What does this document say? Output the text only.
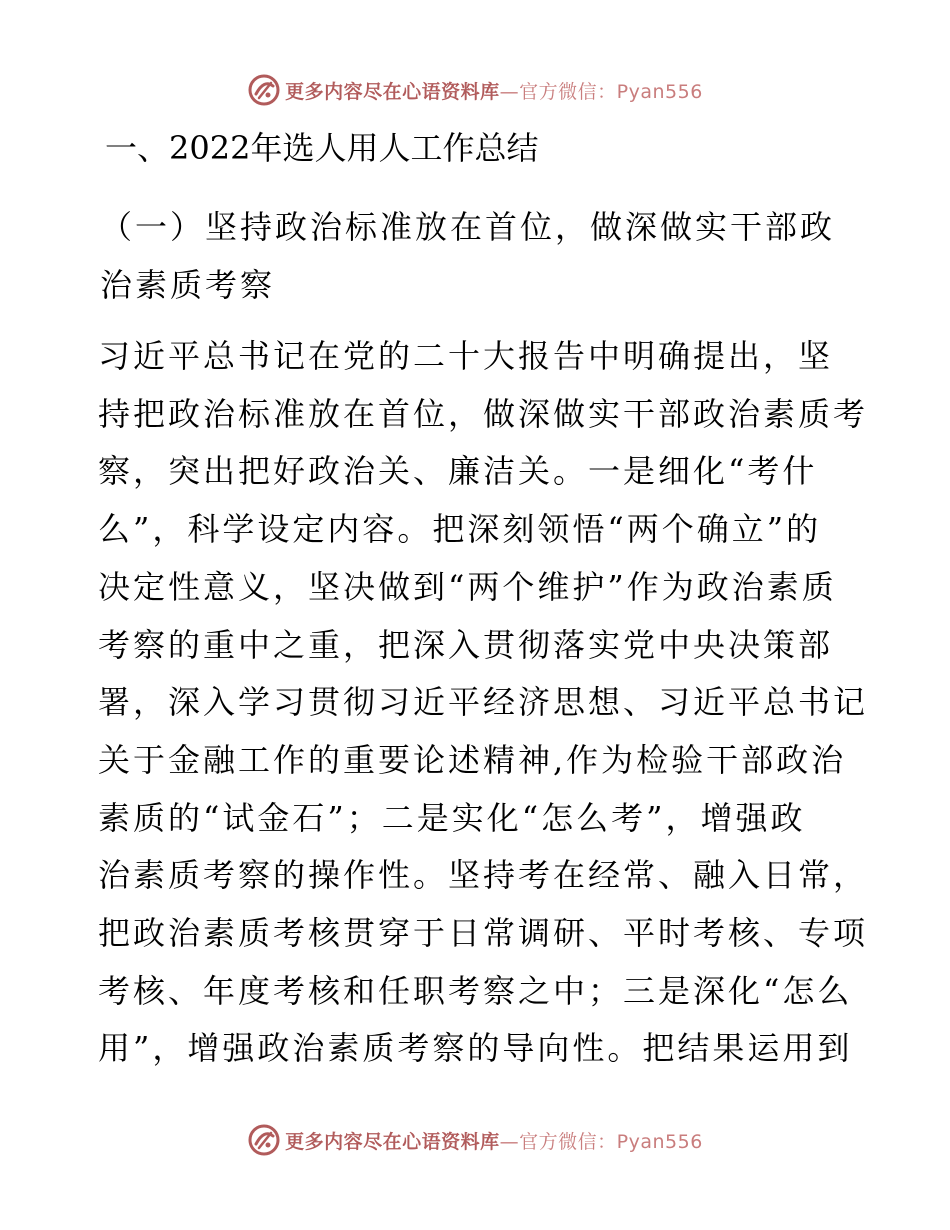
更多内容尽在心语资料库 —官方微信：Pyan556
一、2022年选人用人工作总结
（一）坚持政治标准放在首位，做深做实干部政
治素质考察
习近平总书记在党的二十大报告中明确提出，坚
持把政治标准放在首位，做深做实干部政治素质考
察，突出把好政治关、廉洁关。一是细化“考什
么”，科学设定内容。把深刻领悟“两个确立”的
决定性意义，坚决做到“两个维护”作为政治素质
考察的重中之重，把深入贯彻落实党中央决策部
署，深入学习贯彻习近平经济思想、习近平总书记
关于金融工作的重要论述精神,作为检验干部政治
素质的“试金石”；二是实化“怎么考”，增强政
治素质考察的操作性。坚持考在经常、融入日常，
把政治素质考核贯穿于日常调研、平时考核、专项
考核、年度考核和任职考察之中；三是深化“怎么
用”，增强政治素质考察的导向性。把结果运用到
更多内容尽在心语资料库 —官方微信：Pyan556
